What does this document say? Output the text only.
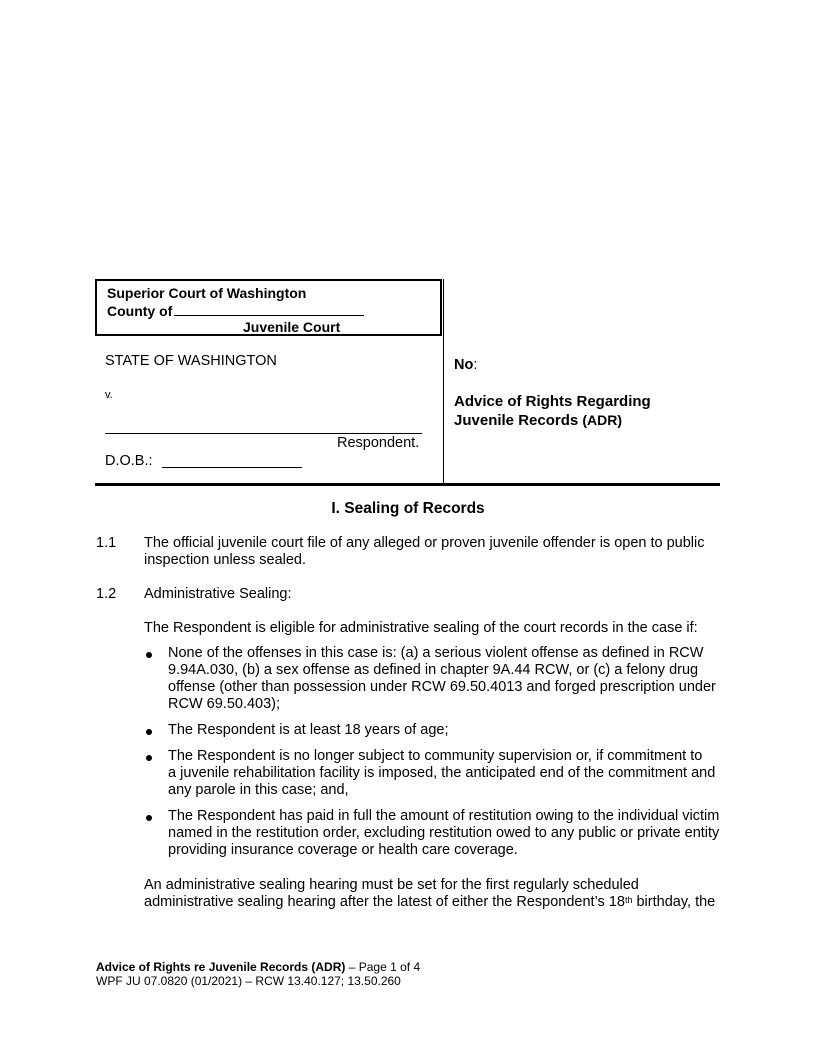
Superior Court of Washington
County of
Juvenile Court
STATE OF WASHINGTON
v.
Respondent.
D.O.B.:
No:
Advice of Rights Regarding
Juvenile Records (ADR)
I. Sealing of Records
1.1 The official juvenile court file of any alleged or proven juvenile offender is open to public
inspection unless sealed.
1.2 Administrative Sealing:
The Respondent is eligible for administrative sealing of the court records in the case if:
None of the offenses in this case is: (a) a serious violent offense as defined in RCW
9.94A.030, (b) a sex offense as defined in chapter 9A.44 RCW, or (c) a felony drug
offense (other than possession under RCW 69.50.4013 and forged prescription under
RCW 69.50.403);
The Respondent is at least 18 years of age;
The Respondent is no longer subject to community supervision or, if commitment to
a juvenile rehabilitation facility is imposed, the anticipated end of the commitment and
any parole in this case; and,
The Respondent has paid in full the amount of restitution owing to the individual victim
named in the restitution order, excluding restitution owed to any public or private entity
providing insurance coverage or health care coverage.
An administrative sealing hearing must be set for the first regularly scheduled
administrative sealing hearing after the latest of either the Respondent’s 18th birthday, the
Advice of Rights re Juvenile Records (ADR) – Page 1 of 4
WPF JU 07.0820 (01/2021) – RCW 13.40.127; 13.50.260
